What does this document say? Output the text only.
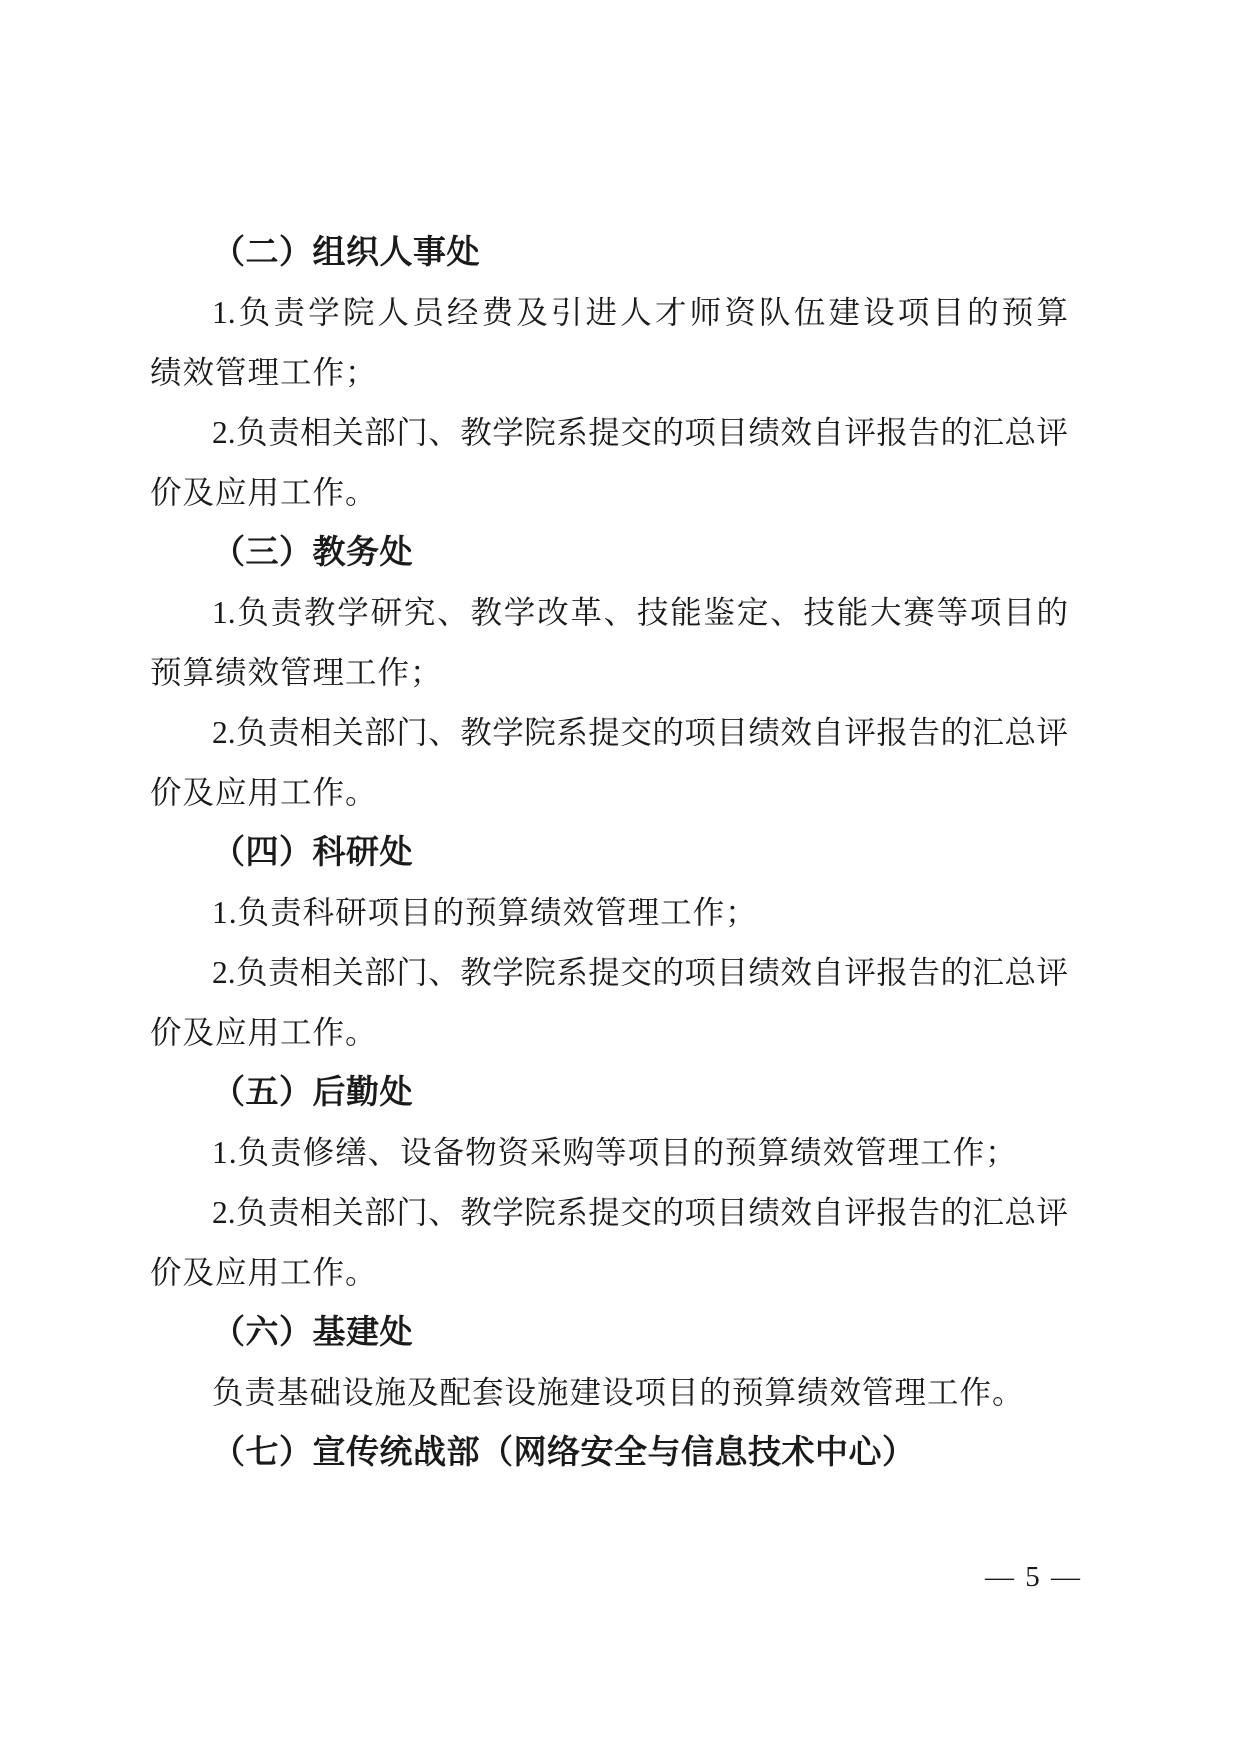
（二）组织人事处
1.负责学院人员经费及引进人才师资队伍建设项目的预算
绩效管理工作；
2.负责相关部门、教学院系提交的项目绩效自评报告的汇总评
价及应用工作。
（三）教务处
1.负责教学研究、教学改革、技能鉴定、技能大赛等项目的
预算绩效管理工作；
2.负责相关部门、教学院系提交的项目绩效自评报告的汇总评
价及应用工作。
（四）科研处
1.负责科研项目的预算绩效管理工作；
2.负责相关部门、教学院系提交的项目绩效自评报告的汇总评
价及应用工作。
（五）后勤处
1.负责修缮、设备物资采购等项目的预算绩效管理工作；
2.负责相关部门、教学院系提交的项目绩效自评报告的汇总评
价及应用工作。
（六）基建处
负责基础设施及配套设施建设项目的预算绩效管理工作。
（七）宣传统战部（网络安全与信息技术中心）
— 5 —
